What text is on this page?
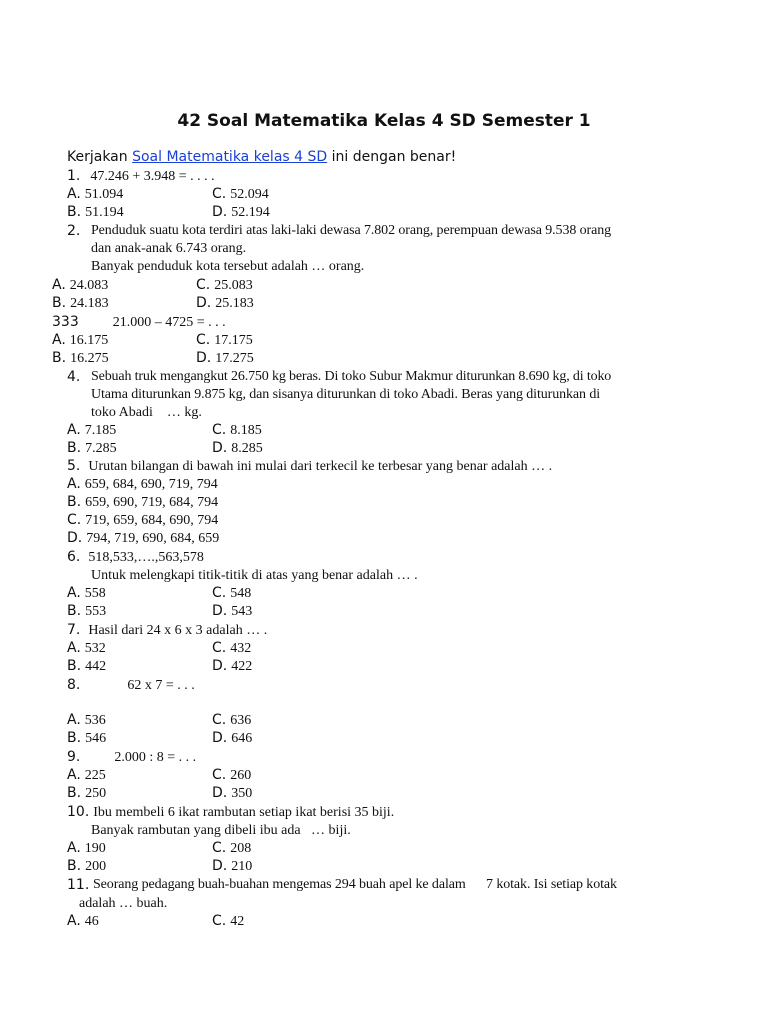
42 Soal Matematika Kelas 4 SD Semester 1
Kerjakan Soal Matematika kelas 4 SD ini dengan benar!
1. 47.246 + 3.948 = . . . .
A. 51.094	C. 52.094
B. 51.194	D. 52.194
2. Penduduk suatu kota terdiri atas laki-laki dewasa 7.802 orang, perempuan dewasa 9.538 orang
dan anak-anak 6.743 orang.
Banyak penduduk kota tersebut adalah … orang.
A. 24.083	C. 25.083
B. 24.183	D. 25.183
333 21.000 – 4725 = . . .
A. 16.175	C. 17.175
B. 16.275	D. 17.275
4. Sebuah truk mengangkut 26.750 kg beras. Di toko Subur Makmur diturunkan 8.690 kg, di toko
Utama diturunkan 9.875 kg, dan sisanya diturunkan di toko Abadi. Beras yang diturunkan di
toko Abadi    … kg.
A. 7.185	C. 8.185
B. 7.285	D. 8.285
5. Urutan bilangan di bawah ini mulai dari terkecil ke terbesar yang benar adalah … .
A. 659, 684, 690, 719, 794
B. 659, 690, 719, 684, 794
C. 719, 659, 684, 690, 794
D. 794, 719, 690, 684, 659
6. 518,533,….,563,578
Untuk melengkapi titik-titik di atas yang benar adalah … .
A. 558	C. 548
B. 553	D. 543
7. Hasil dari 24 x 6 x 3 adalah … .
A. 532	C. 432
B. 442	D. 422
8.	62 x 7 = . . .
A. 536	C. 636
B. 546	D. 646
9. 2.000 : 8 = . . .
A. 225	C. 260
B. 250	D. 350
10. Ibu membeli 6 ikat rambutan setiap ikat berisi 35 biji.
Banyak rambutan yang dibeli ibu ada   … biji.
A. 190	C. 208
B. 200	D. 210
11. Seorang pedagang buah-buahan mengemas 294 buah apel ke dalam      7 kotak. Isi setiap kotak
adalah … buah.
A. 46	C. 42
